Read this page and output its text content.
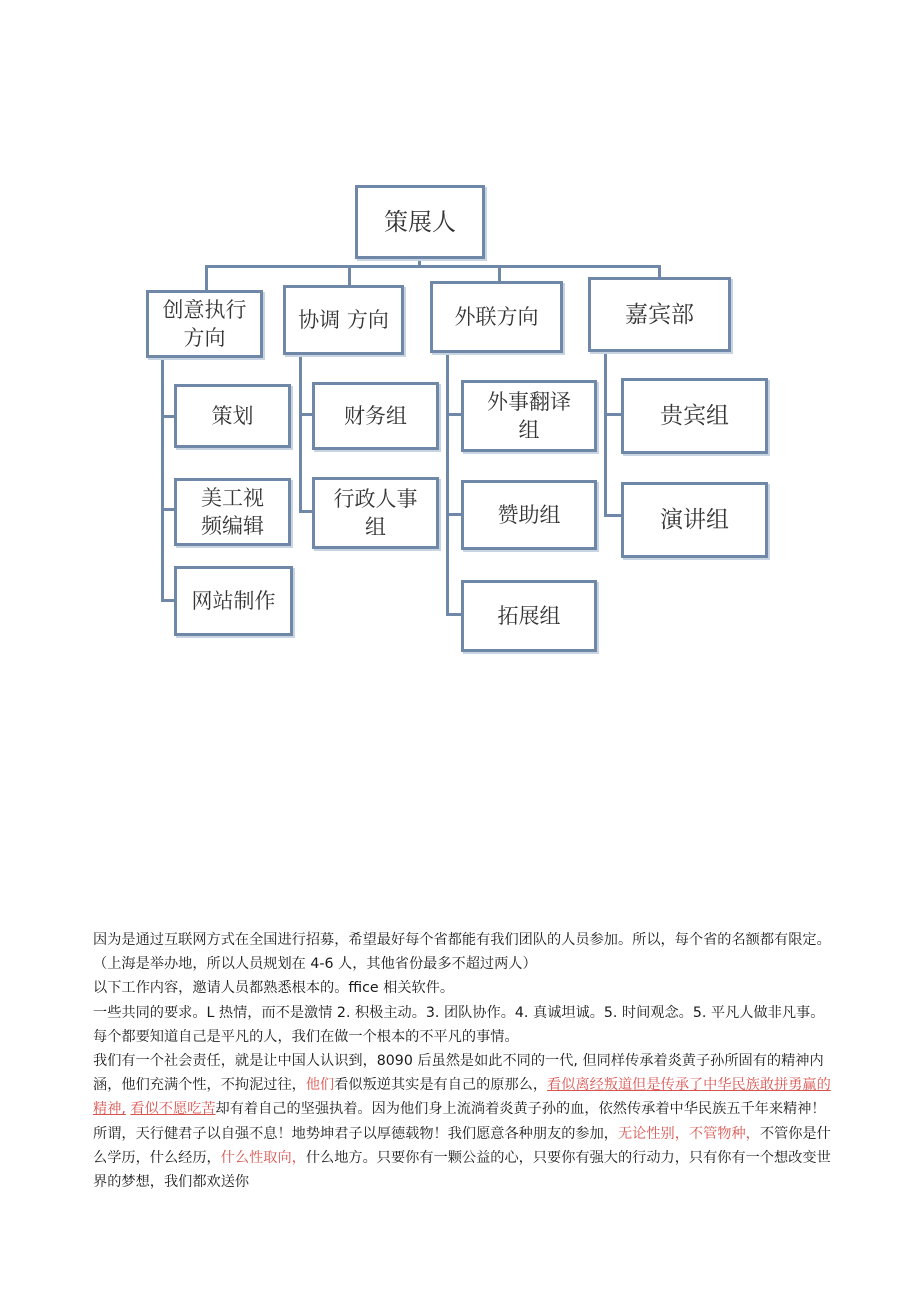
策展人
创意执行方向
协调 方向	外联方向	嘉宾部
策划
美工视频编辑
网站制作
财务组
行政人事组
外事翻译组
赞助组
拓展组
贵宾组
演讲组

因为是通过互联网方式在全国进行招募，希望最好每个省都能有我们团队的人员参加。所以，每个省的名额都有限定。（上海是举办地，所以人员规划在 4-6 人，其他省份最多不超过两人）

以下工作内容，邀请人员都熟悉根本的。ffice 相关软件。

一些共同的要求。L 热情，而不是激情 2. 积极主动。3. 团队协作。4. 真诚坦诚。5. 时间观念。5. 平凡人做非凡事。每个都要知道自己是平凡的人，我们在做一个根本的不平凡的事情。

我们有一个社会责任，就是让中国人认识到，8090 后虽然是如此不同的一代, 但同样传承着炎黄子孙所固有的精神内涵，他们充满个性，不拘泥过往，他们看似叛逆其实是有自己的原那么，看似离经叛道但是传承了中华民族敢拼勇赢的精神, 看似不愿吃苦却有着自己的坚强执着。因为他们身上流淌着炎黄子孙的血，依然传承着中华民族五千年来精神！所谓，天行健君子以自强不息！地势坤君子以厚德载物！我们愿意各种朋友的参加，无论性别，不管物种，不管你是什么学历，什么经历，什么性取向，什么地方。只要你有一颗公益的心，只要你有强大的行动力，只有你有一个想改变世界的梦想，我们都欢送你
